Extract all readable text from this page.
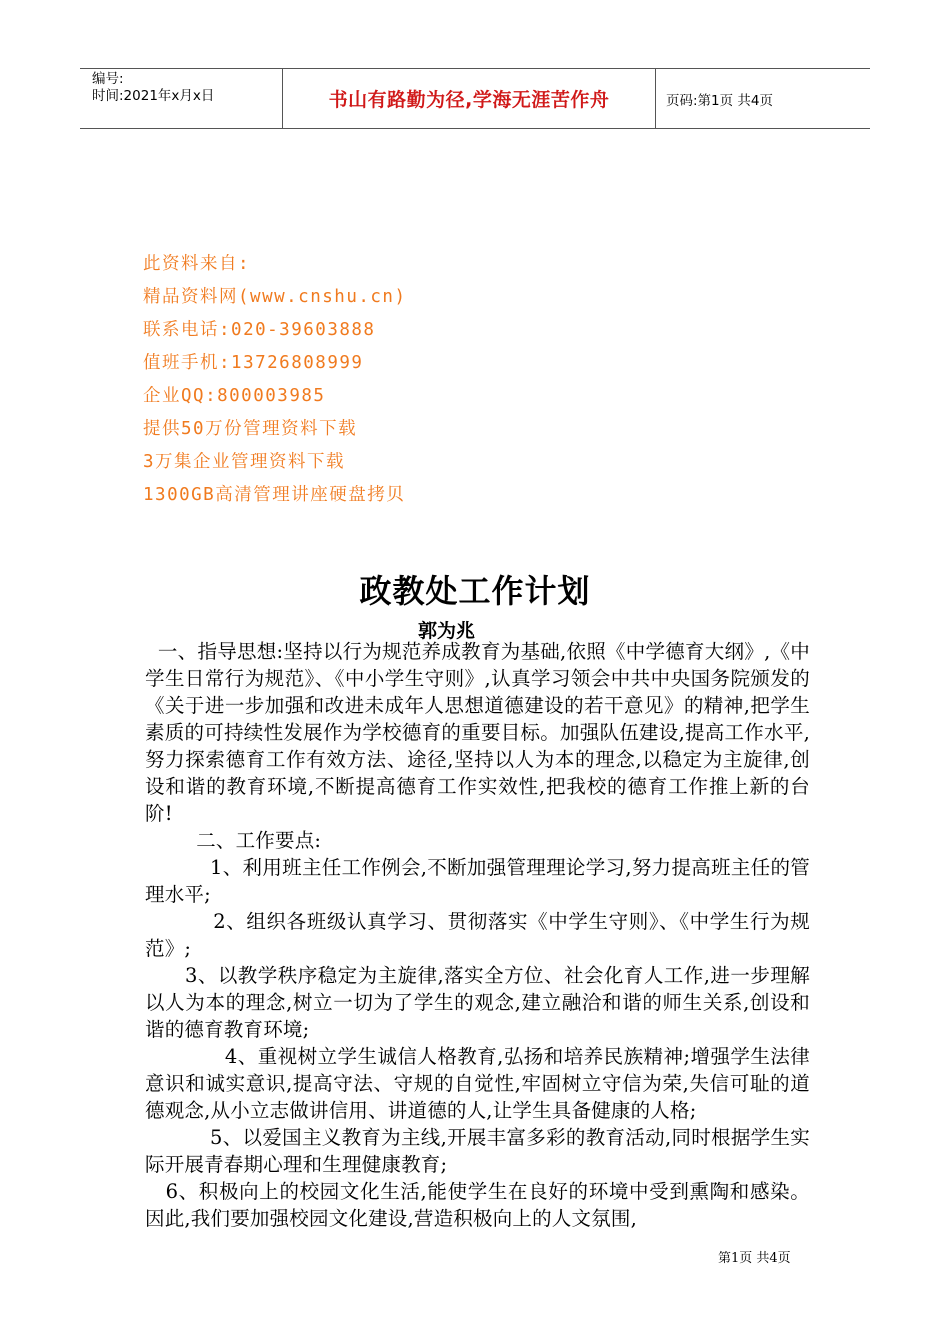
编号:
时间:2021年x月x日	书山有路勤为径,学海无涯苦作舟	页码:第1页 共4页
此资料来自:
精品资料网(www.cnshu.cn)
联系电话:020-39603888
值班手机:13726808999
企业QQ:800003985
提供50万份管理资料下载
3万集企业管理资料下载
1300GB高清管理讲座硬盘拷贝
政教处工作计划
郭为兆

一、指导思想:坚持以行为规范养成教育为基础,依照《中学德育大纲》,《中学生日常行为规范》、《中小学生守则》,认真学习领会中共中央国务院颁发的《关于进一步加强和改进未成年人思想道德建设的若干意见》的精神,把学生素质的可持续性发展作为学校德育的重要目标。加强队伍建设,提高工作水平,努力探索德育工作有效方法、途径,坚持以人为本的理念,以稳定为主旋律,创设和谐的教育环境,不断提高德育工作实效性,把我校的德育工作推上新的台阶!

二、工作要点:

1、利用班主任工作例会,不断加强管理理论学习,努力提高班主任的管理水平;

2、组织各班级认真学习、贯彻落实《中学生守则》、《中学生行为规范》;

3、以教学秩序稳定为主旋律,落实全方位、社会化育人工作,进一步理解以人为本的理念,树立一切为了学生的观念,建立融洽和谐的师生关系,创设和谐的德育教育环境;

4、重视树立学生诚信人格教育,弘扬和培养民族精神;增强学生法律意识和诚实意识,提高守法、守规的自觉性,牢固树立守信为荣,失信可耻的道德观念,从小立志做讲信用、讲道德的人,让学生具备健康的人格;

5、以爱国主义教育为主线,开展丰富多彩的教育活动,同时根据学生实际开展青春期心理和生理健康教育;

6、积极向上的校园文化生活,能使学生在良好的环境中受到熏陶和感染。因此,我们要加强校园文化建设,营造积极向上的人文氛围,

第1页 共4页
